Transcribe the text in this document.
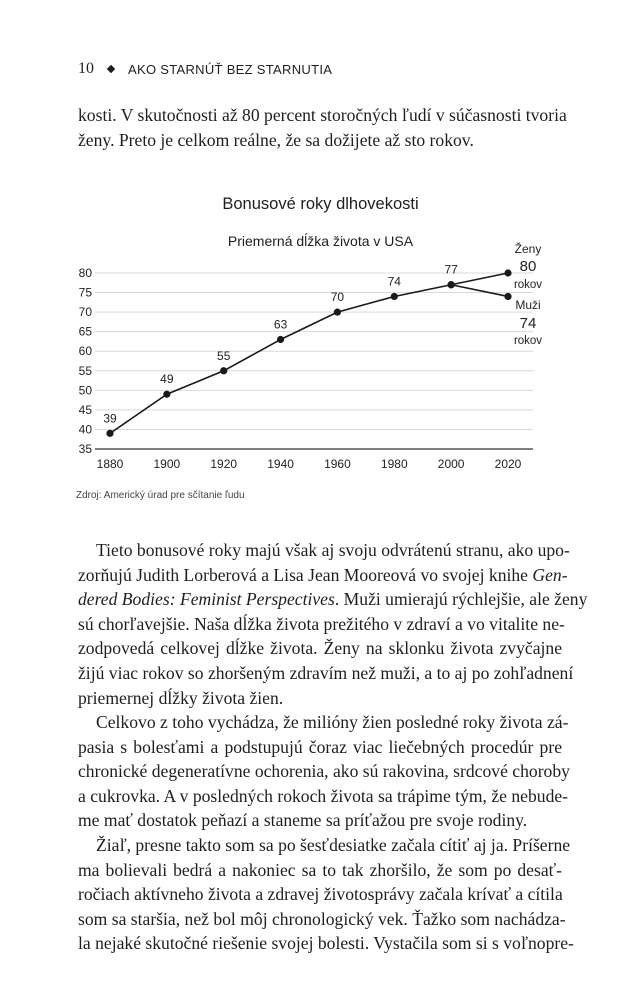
10	AKO STARNÚŤ BEZ STARNUTIA
kosti. V skutočnosti až 80 percent storočných ľudí v súčasnosti tvoria
ženy. Preto je celkom reálne, že sa dožijete až sto rokov.
Bonusové roky dlhovekosti
Priemerná dĺžka života v USA
35
40
45
50
55
60
65
70
75
80
1880	1900	1920	1940	1960	1980	2000	2020
39
49
55
63
70
74
77
Ženy
80
rokov
Muži
74
rokov
Zdroj: Americký úrad pre sčítanie ľudu
Tieto bonusové roky majú však aj svoju odvrátenú stranu, ako upo-
zorňujú Judith Lorberová a Lisa Jean Mooreová vo svojej knihe Gen-
dered Bodies: Feminist Perspectives. Muži umierajú rýchlejšie, ale ženy
sú chorľavejšie. Naša dĺžka života prežitého v zdraví a vo vitalite ne-
zodpovedá celkovej dĺžke života. Ženy na sklonku života zvyčajne
žijú viac rokov so zhoršeným zdravím než muži, a to aj po zohľadnení
priemernej dĺžky života žien.
Celkovo z toho vychádza, že milióny žien posledné roky života zá-
pasia s bolesťami a podstupujú čoraz viac liečebných procedúr pre
chronické degeneratívne ochorenia, ako sú rakovina, srdcové choroby
a cukrovka. A v posledných rokoch života sa trápime tým, že nebude-
me mať dostatok peňazí a staneme sa príťažou pre svoje rodiny.
Žiaľ, presne takto som sa po šesťdesiatke začala cítiť aj ja. Príšerne
ma bolievali bedrá a nakoniec sa to tak zhoršilo, že som po desať-
ročiach aktívneho života a zdravej životosprávy začala krívať a cítila
som sa staršia, než bol môj chronologický vek. Ťažko som nachádza-
la nejaké skutočné riešenie svojej bolesti. Vystačila som si s voľnopre-
